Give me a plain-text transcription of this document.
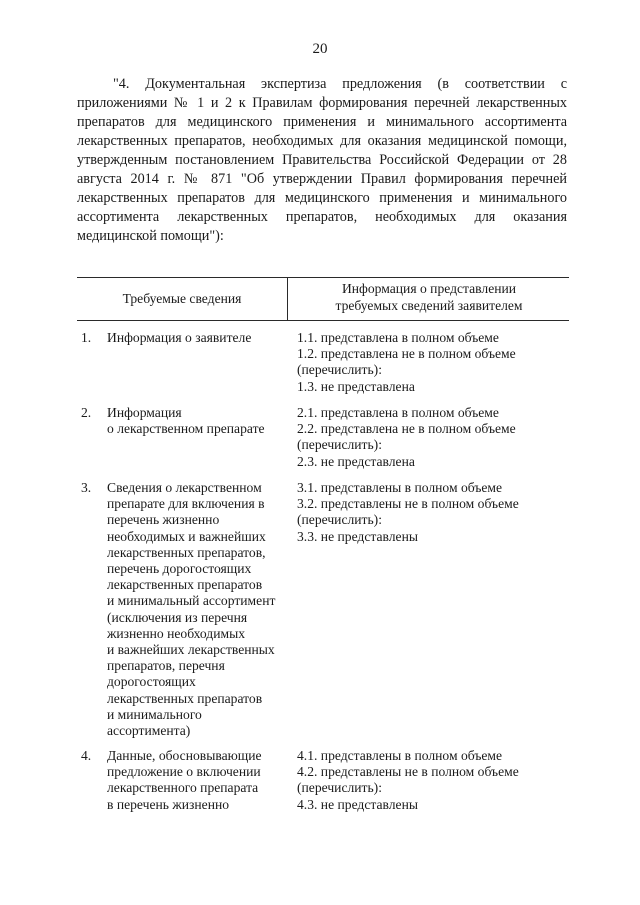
20

"4. Документальная экспертиза предложения (в соответствии с приложениями № 1 и 2 к Правилам формирования перечней лекарственных препаратов для медицинского применения и минимального ассортимента лекарственных препаратов, необходимых для оказания медицинской помощи, утвержденным постановлением Правительства Российской Федерации от 28 августа 2014 г. № 871 "Об утверждении Правил формирования перечней лекарственных препаратов для медицинского применения и минимального ассортимента лекарственных препаратов, необходимых для оказания медицинской помощи"):

Требуемые сведения
Информация о представлении
требуемых сведений заявителем
1. Информация о заявителе	1.1. представлена в полном объеме
1.2. представлена не в полном объеме
(перечислить):
1.3. не представлена
2. Информация
о лекарственном препарате
2.1. представлена в полном объеме
2.2. представлена не в полном объеме
(перечислить):
2.3. не представлена
3. Сведения о лекарственном
препарате для включения в
перечень жизненно
необходимых и важнейших
лекарственных препаратов,
перечень дорогостоящих
лекарственных препаратов
и минимальный ассортимент
(исключения из перечня
жизненно необходимых
и важнейших лекарственных
препаратов, перечня
дорогостоящих
лекарственных препаратов
и минимального
ассортимента)
3.1. представлены в полном объеме
3.2. представлены не в полном объеме
(перечислить):
3.3. не представлены
4. Данные, обосновывающие
предложение о включении
лекарственного препарата
в перечень жизненно
4.1. представлены в полном объеме
4.2. представлены не в полном объеме
(перечислить):
4.3. не представлены
